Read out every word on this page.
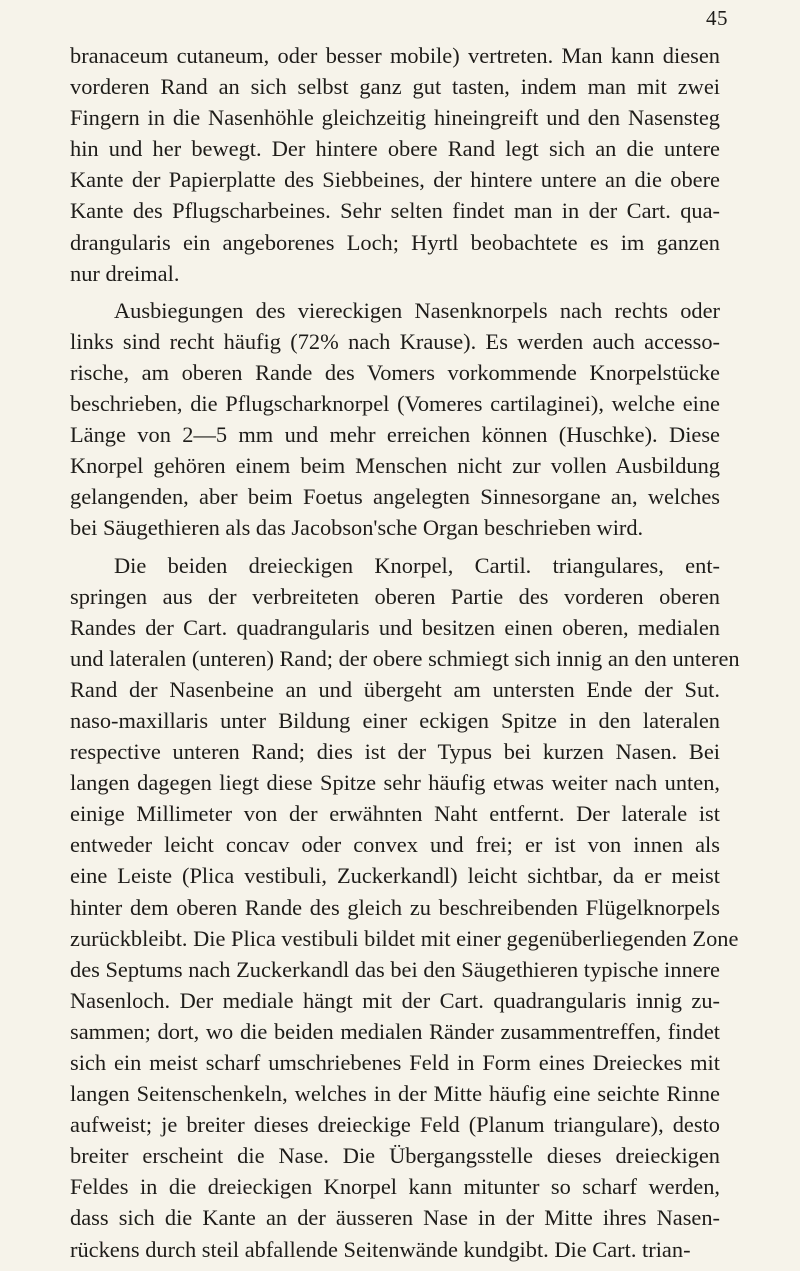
45

branaceum cutaneum, oder besser mobile) vertreten. Man kann diesen
vorderen Rand an sich selbst ganz gut tasten, indem man mit zwei
Fingern in die Nasenhöhle gleichzeitig hineingreift und den Nasensteg
hin und her bewegt. Der hintere obere Rand legt sich an die untere
Kante der Papierplatte des Siebbeines, der hintere untere an die obere
Kante des Pflugscharbeines. Sehr selten findet man in der Cart. qua-
drangularis ein angeborenes Loch; Hyrtl beobachtete es im ganzen
nur dreimal.

Ausbiegungen des viereckigen Nasenknorpels nach rechts oder
links sind recht häufig (72% nach Krause). Es werden auch accesso-
rische, am oberen Rande des Vomers vorkommende Knorpelstücke
beschrieben, die Pflugscharknorpel (Vomeres cartilaginei), welche eine
Länge von 2—5 mm und mehr erreichen können (Huschke). Diese
Knorpel gehören einem beim Menschen nicht zur vollen Ausbildung
gelangenden, aber beim Foetus angelegten Sinnesorgane an, welches
bei Säugethieren als das Jacobson'sche Organ beschrieben wird.

Die beiden dreieckigen Knorpel, Cartil. triangulares, ent-
springen aus der verbreiteten oberen Partie des vorderen oberen
Randes der Cart. quadrangularis und besitzen einen oberen, medialen
und lateralen (unteren) Rand; der obere schmiegt sich innig an den unteren
Rand der Nasenbeine an und übergeht am untersten Ende der Sut.
naso-maxillaris unter Bildung einer eckigen Spitze in den lateralen
respective unteren Rand; dies ist der Typus bei kurzen Nasen. Bei
langen dagegen liegt diese Spitze sehr häufig etwas weiter nach unten,
einige Millimeter von der erwähnten Naht entfernt. Der laterale ist
entweder leicht concav oder convex und frei; er ist von innen als
eine Leiste (Plica vestibuli, Zuckerkandl) leicht sichtbar, da er meist
hinter dem oberen Rande des gleich zu beschreibenden Flügelknorpels
zurückbleibt. Die Plica vestibuli bildet mit einer gegenüberliegenden Zone
des Septums nach Zuckerkandl das bei den Säugethieren typische innere
Nasenloch. Der mediale hängt mit der Cart. quadrangularis innig zu-
sammen; dort, wo die beiden medialen Ränder zusammentreffen, findet
sich ein meist scharf umschriebenes Feld in Form eines Dreieckes mit
langen Seitenschenkeln, welches in der Mitte häufig eine seichte Rinne
aufweist; je breiter dieses dreieckige Feld (Planum triangulare), desto
breiter erscheint die Nase. Die Übergangsstelle dieses dreieckigen
Feldes in die dreieckigen Knorpel kann mitunter so scharf werden,
dass sich die Kante an der äusseren Nase in der Mitte ihres Nasen-
rückens durch steil abfallende Seitenwände kundgibt. Die Cart. trian-
